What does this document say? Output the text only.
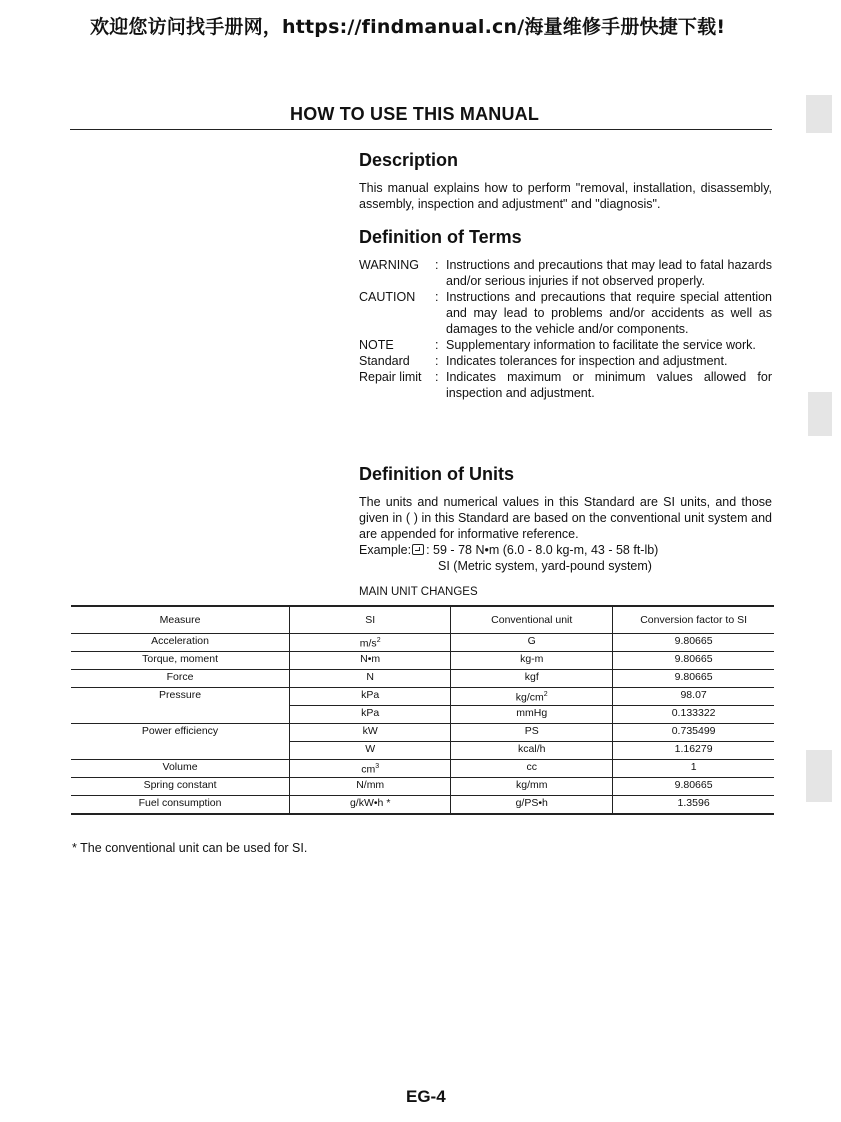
欢迎您访问找手册网，https://findmanual.cn/海量维修手册快捷下载!
HOW TO USE THIS MANUAL
Description

This manual explains how to perform "removal, installation, disassembly, assembly, inspection and adjustment" and "diagnosis".

Definition of Terms
WARNING	: Instructions and precautions that may lead to fatal hazards and/or serious injuries if not observed properly.
CAUTION	: Instructions and precautions that require special attention and may lead to problems and/or accidents as well as damages to the vehicle and/or components.
NOTE	: Supplementary information to facilitate the service work.
Standard	: Indicates tolerances for inspection and adjustment.
Repair limit	: Indicates maximum or minimum values allowed for inspection and adjustment.
Definition of Units

The units and numerical values in this Standard are SI units, and those given in ( ) in this Standard are based on the conventional unit system and are appended for informative reference.

Example: : 59 - 78 N•m (6.0 - 8.0 kg-m, 43 - 58 ft-lb)
SI (Metric system, yard-pound system)
MAIN UNIT CHANGES
Measure	SI	Conventional unit	Conversion factor to SI
Acceleration	$m/s^2$	G	9.80665
Torque, moment	N•m	kg-m	9.80665
Force	N	kgf	9.80665
Pressure	kPa	$kg/cm^2$	98.07
	kPa	mmHg	0.133322
Power efficiency	kW	PS	0.735499
	W	kcal/h	1.16279
Volume	$cm^3$	cc	1
Spring constant	N/mm	kg/mm	9.80665
Fuel consumption	g/kW•h *	g/PS•h	1.3596
* The conventional unit can be used for SI.
EG-4
